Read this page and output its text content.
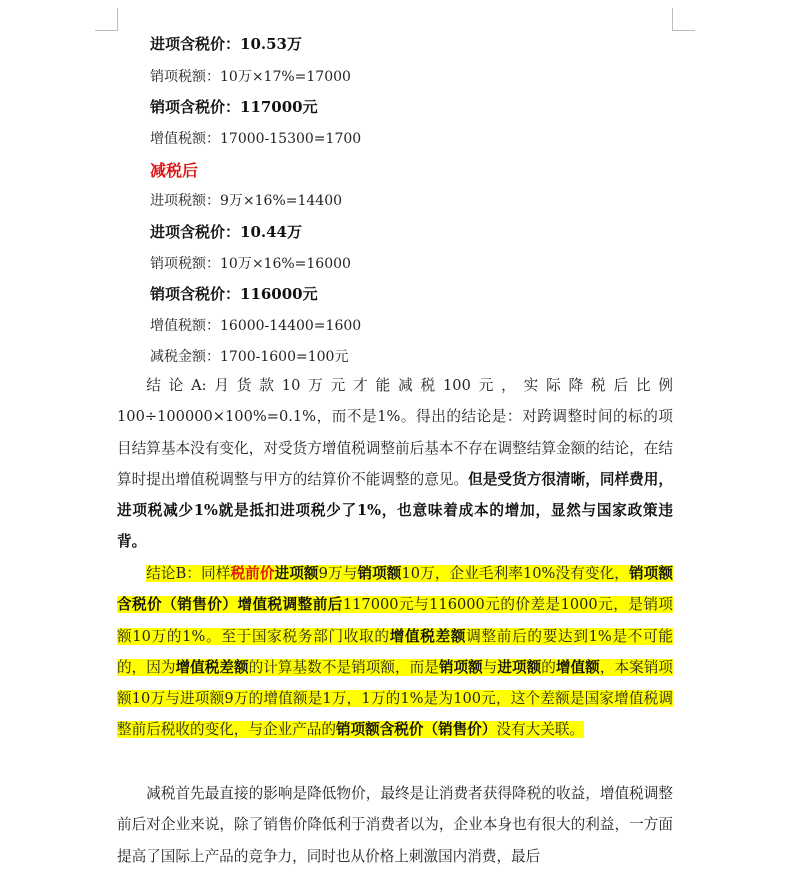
进项含税价：10.53万
销项税额：10万×17%=17000
销项含税价：117000元
增值税额：17000-15300=1700
减税后
进项税额：9万×16%=14400
进项含税价：10.44万
销项税额：10万×16%=16000
销项含税价：116000元
增值税额：16000-14400=1600
减税金额：1700-1600=100元
结论A:月货款10万元才能减税100元，实际降税后比例100÷100000×100%=0.1%，而不是1%。得出的结论是：对跨调整时间的标的项目结算基本没有变化，对受货方增值税调整前后基本不存在调整结算金额的结论，在结算时提出增值税调整与甲方的结算价不能调整的意见。但是受货方很清晰，同样费用，进项税减少1%就是抵扣进项税少了1%，也意味着成本的增加，显然与国家政策违背。
结论B：同样税前价进项额9万与销项额10万，企业毛利率10%没有变化，销项额含税价（销售价）增值税调整前后117000元与116000元的价差是1000元，是销项额10万的1%。至于国家税务部门收取的增值税差额调整前后的要达到1%是不可能的，因为增值税差额的计算基数不是销项额，而是销项额与进项额的增值额，本案销项额10万与进项额9万的增值额是1万，1万的1%是为100元，这个差额是国家增值税调整前后税收的变化，与企业产品的销项额含税价（销售价）没有大关联。
减税首先最直接的影响是降低物价，最终是让消费者获得降税的收益，增值税调整前后对企业来说，除了销售价降低利于消费者以为，企业本身也有很大的利益，一方面提高了国际上产品的竞争力，同时也从价格上刺激国内消费，最后
